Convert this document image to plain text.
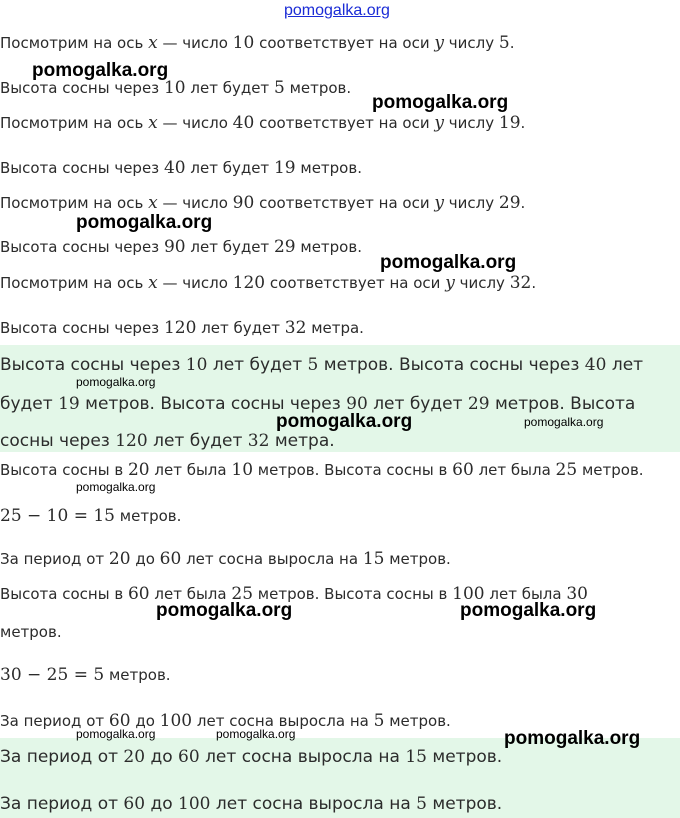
pomogalka.org
Посмотрим на ось x — число 10 соответствует на оси y числу 5.
Высота сосны через 10 лет будет 5 метров.
Посмотрим на ось x — число 40 соответствует на оси y числу 19.
Высота сосны через 40 лет будет 19 метров.
Посмотрим на ось x — число 90 соответствует на оси y числу 29.
Высота сосны через 90 лет будет 29 метров.
Посмотрим на ось x — число 120 соответствует на оси y числу 32.
Высота сосны через 120 лет будет 32 метра.
Высота сосны через 10 лет будет 5 метров. Высота сосны через 40 лет
будет 19 метров. Высота сосны через 90 лет будет 29 метров. Высота
сосны через 120 лет будет 32 метра.
Высота сосны в 20 лет была 10 метров. Высота сосны в 60 лет была 25 метров.
25 − 10 = 15 метров.
За период от 20 до 60 лет сосна выросла на 15 метров.
Высота сосны в 60 лет была 25 метров. Высота сосны в 100 лет была 30
метров.
30 − 25 = 5 метров.
За период от 60 до 100 лет сосна выросла на 5 метров.
За период от 20 до 60 лет сосна выросла на 15 метров.
За период от 60 до 100 лет сосна выросла на 5 метров.
pomogalka.org
pomogalka.org
pomogalka.org
pomogalka.org
pomogalka.org
pomogalka.org	pomogalka.org
pomogalka.org
pomogalka.org	pomogalka.org
pomogalka.org	pomogalka.org	pomogalka.org
